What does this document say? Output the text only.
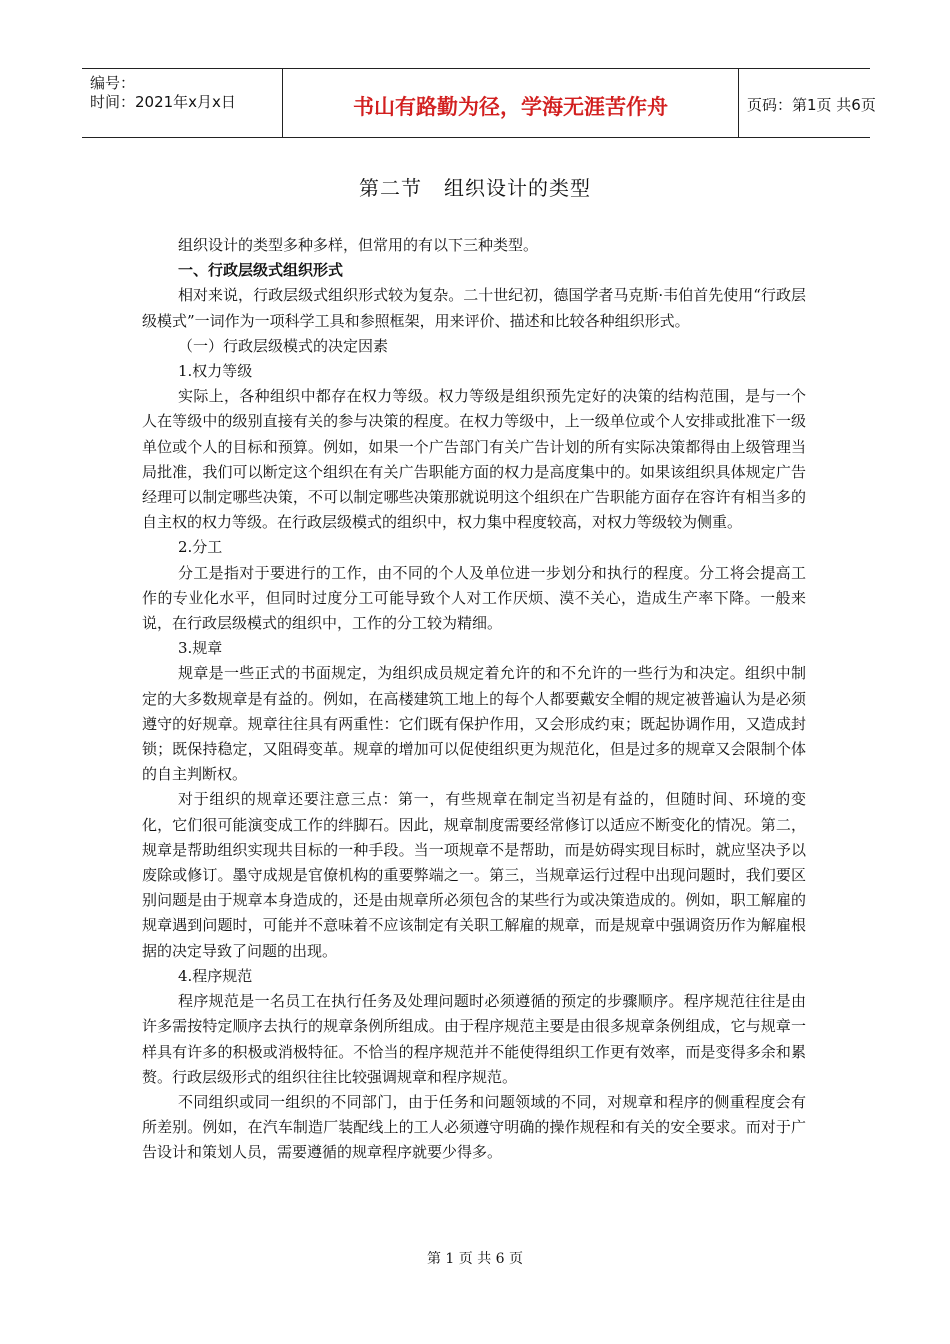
编号：
时间：2021年x月x日	书山有路勤为径，学海无涯苦作舟	页码：第1页 共6页
第二节   组织设计的类型

组织设计的类型多种多样，但常用的有以下三种类型。

一、行政层级式组织形式

相对来说，行政层级式组织形式较为复杂。二十世纪初，德国学者马克斯·韦伯首先使用“行政层级模式”一词作为一项科学工具和参照框架，用来评价、描述和比较各种组织形式。

（一）行政层级模式的决定因素

1.权力等级

实际上，各种组织中都存在权力等级。权力等级是组织预先定好的决策的结构范围，是与一个人在等级中的级别直接有关的参与决策的程度。在权力等级中，上一级单位或个人安排或批准下一级单位或个人的目标和预算。例如，如果一个广告部门有关广告计划的所有实际决策都得由上级管理当局批准，我们可以断定这个组织在有关广告职能方面的权力是高度集中的。如果该组织具体规定广告经理可以制定哪些决策，不可以制定哪些决策那就说明这个组织在广告职能方面存在容许有相当多的自主权的权力等级。在行政层级模式的组织中，权力集中程度较高，对权力等级较为侧重。

2.分工

分工是指对于要进行的工作，由不同的个人及单位进一步划分和执行的程度。分工将会提高工作的专业化水平，但同时过度分工可能导致个人对工作厌烦、漠不关心，造成生产率下降。一般来说，在行政层级模式的组织中，工作的分工较为精细。

3.规章

规章是一些正式的书面规定，为组织成员规定着允许的和不允许的一些行为和决定。组织中制定的大多数规章是有益的。例如，在高楼建筑工地上的每个人都要戴安全帽的规定被普遍认为是必须遵守的好规章。规章往往具有两重性：它们既有保护作用，又会形成约束；既起协调作用，又造成封锁；既保持稳定，又阻碍变革。规章的增加可以促使组织更为规范化，但是过多的规章又会限制个体的自主判断权。

对于组织的规章还要注意三点：第一，有些规章在制定当初是有益的，但随时间、环境的变化，它们很可能演变成工作的绊脚石。因此，规章制度需要经常修订以适应不断变化的情况。第二，规章是帮助组织实现共目标的一种手段。当一项规章不是帮助，而是妨碍实现目标时，就应坚决予以废除或修订。墨守成规是官僚机构的重要弊端之一。第三，当规章运行过程中出现问题时，我们要区别问题是由于规章本身造成的，还是由规章所必须包含的某些行为或决策造成的。例如，职工解雇的规章遇到问题时，可能并不意味着不应该制定有关职工解雇的规章，而是规章中强调资历作为解雇根据的决定导致了问题的出现。

4.程序规范

程序规范是一名员工在执行任务及处理问题时必须遵循的预定的步骤顺序。程序规范往往是由许多需按特定顺序去执行的规章条例所组成。由于程序规范主要是由很多规章条例组成，它与规章一样具有许多的积极或消极特征。不恰当的程序规范并不能使得组织工作更有效率，而是变得多余和累赘。行政层级形式的组织往往比较强调规章和程序规范。

不同组织或同一组织的不同部门，由于任务和问题领域的不同，对规章和程序的侧重程度会有所差别。例如，在汽车制造厂装配线上的工人必须遵守明确的操作规程和有关的安全要求。而对于广告设计和策划人员，需要遵循的规章程序就要少得多。

第 1 页 共 6 页
